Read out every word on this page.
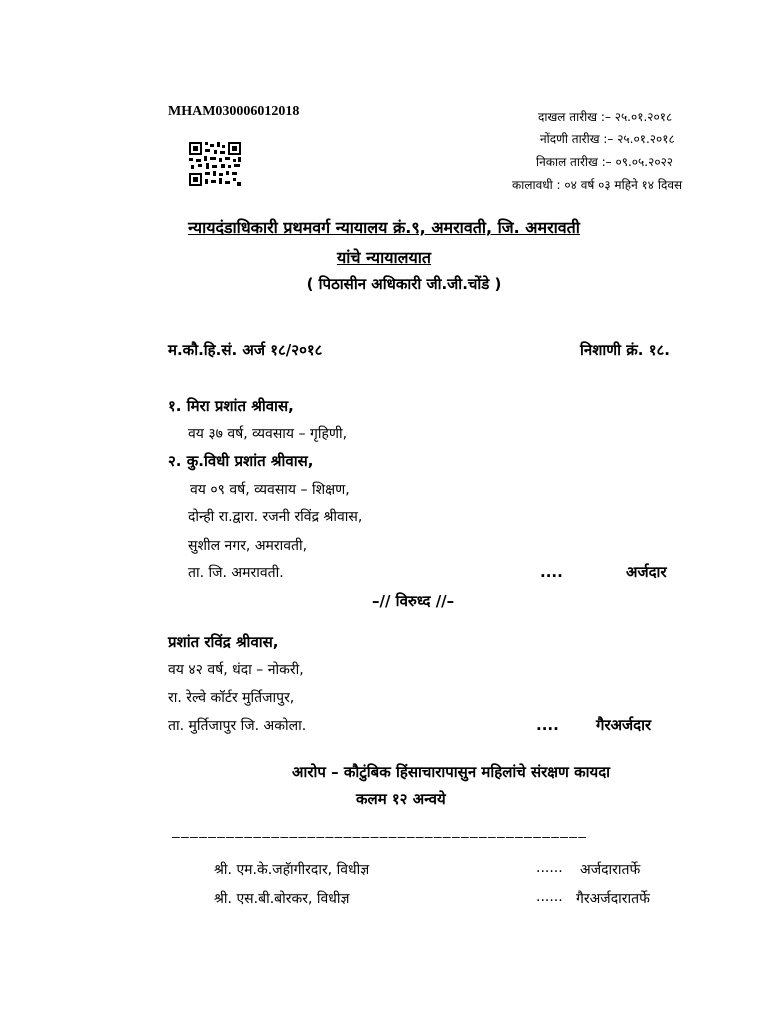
MHAM030006012018	दाखल तारीख :– २५.०१.२०१८
नोंदणी तारीख :– २५.०१.२०१८
निकाल तारीख :– ०९.०५.२०२२
कालावधी : ०४ वर्ष ०३ महिने १४ दिवस
न्यायदंडाधिकारी प्रथमवर्ग न्यायालय क्रं.९, अमरावती, जि. अमरावती
यांचे न्यायालयात
( पिठासीन अधिकारी जी.जी.चोंडे )
म.कौ.हि.सं. अर्ज १८/२०१८	निशाणी क्रं. १८.
१. मिरा प्रशांत श्रीवास,
वय ३७ वर्ष, व्यवसाय – गृहिणी,
२. कु.विधी प्रशांत श्रीवास,
वय ०९ वर्ष, व्यवसाय – शिक्षण,
दोन्ही रा.द्वारा. रजनी रविंद्र श्रीवास,
सुशील नगर, अमरावती,
ता. जि. अमरावती.	....	अर्जदार
–// विरुध्द //–
प्रशांत रविंद्र श्रीवास,
वय ४२ वर्ष, धंदा – नोकरी,
रा. रेल्वे कॉर्टर मुर्तिजापुर,
ता. मुर्तिजापुर जि. अकोला.	.... गैरअर्जदार
आरोप – कौटुंबिक हिंसाचारापासुन महिलांचे संरक्षण कायदा
कलम १२ अन्वये
––––––––––––––––––––––––––––––––––––––––––––––
श्री. एम.के.जहॅागीरदार, विधीज्ञ	...... अर्जदारातर्फे
श्री. एस.बी.बोरकर, विधीज्ञ	...... गैरअर्जदारातर्फे
